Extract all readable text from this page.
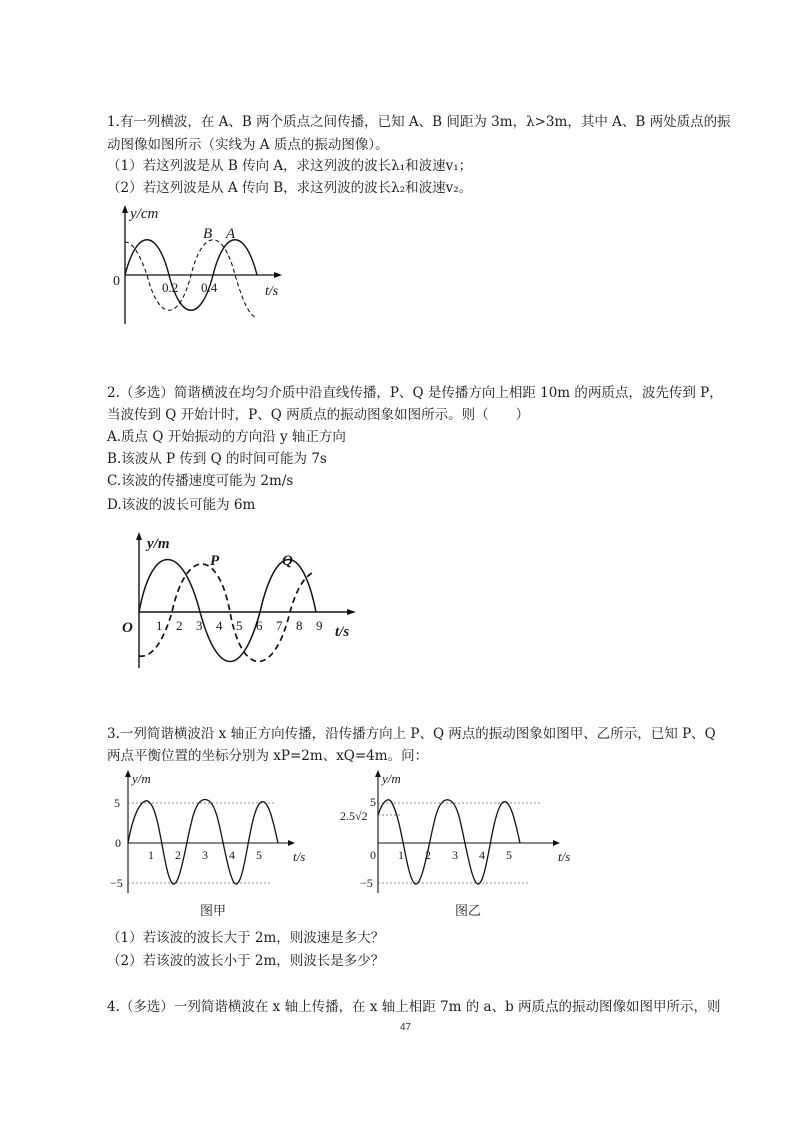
1.有一列横波，在 A、B 两个质点之间传播，已知 A、B 间距为 3m，λ>3m，其中 A、B 两处质点的振
动图像如图所示（实线为 A 质点的振动图像）。
（1）若这列波是从 B 传向 A，求这列波的波长λ₁和波速v₁；
（2）若这列波是从 A 传向 B，求这列波的波长λ₂和波速v₂。
y/cm
t/s
0	0.2 0.4
B A
2.（多选）简谐横波在均匀介质中沿直线传播，P、Q 是传播方向上相距 10m 的两质点，波先传到 P，
当波传到 Q 开始计时，P、Q 两质点的振动图象如图所示。则（　　）
A.质点 Q 开始振动的方向沿 y 轴正方向
B.该波从 P 传到 Q 的时间可能为 7s
C.该波的传播速度可能为 2m/s
D.该波的波长可能为 6m
y/m
t/s
O
P	Q
1 2 3 4 5 6 7 8 9
3.一列简谐横波沿 x 轴正方向传播，沿传播方向上 P、Q 两点的振动图象如图甲、乙所示，已知 P、Q
两点平衡位置的坐标分别为 xP=2m、xQ=4m。问：
y/m
t/s
5
−5
0
1 2 3 4 5
图甲
y/m
t/s
5
2.5√2
−5
0 1 2 3 4 5
图乙
（1）若该波的波长大于 2m，则波速是多大？
（2）若该波的波长小于 2m，则波长是多少？
4.（多选）一列简谐横波在 x 轴上传播，在 x 轴上相距 7m 的 a、b 两质点的振动图像如图甲所示，则
47
